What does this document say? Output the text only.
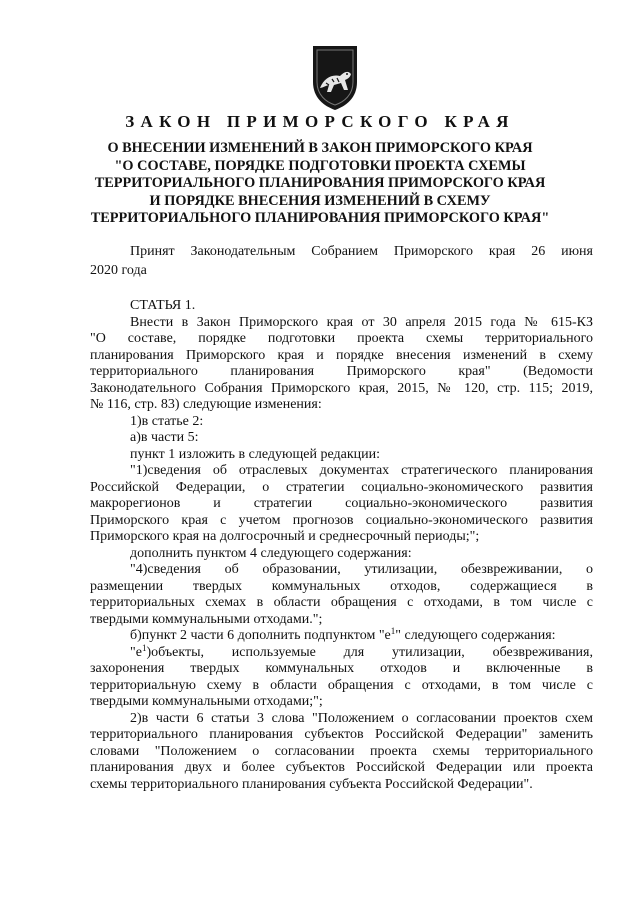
ЗАКОН ПРИМОРСКОГО КРАЯ
О ВНЕСЕНИИ ИЗМЕНЕНИЙ В ЗАКОН ПРИМОРСКОГО КРАЯ
"О СОСТАВЕ, ПОРЯДКЕ ПОДГОТОВКИ ПРОЕКТА СХЕМЫ
ТЕРРИТОРИАЛЬНОГО ПЛАНИРОВАНИЯ ПРИМОРСКОГО КРАЯ
И ПОРЯДКЕ ВНЕСЕНИЯ ИЗМЕНЕНИЙ В СХЕМУ
ТЕРРИТОРИАЛЬНОГО ПЛАНИРОВАНИЯ ПРИМОРСКОГО КРАЯ"
Принят Законодательным Собранием Приморского края 26 июня
2020 года
СТАТЬЯ 1.
Внести в Закон Приморского края от 30 апреля 2015 года № 615-КЗ
"О составе, порядке подготовки проекта схемы территориального
планирования Приморского края и порядке внесения изменений в схему
территориального планирования Приморского края" (Ведомости
Законодательного Собрания Приморского края, 2015, № 120, стр. 115; 2019,
№ 116, стр. 83) следующие изменения:
1)в статье 2:
а)в части 5:
пункт 1 изложить в следующей редакции:
"1)сведения об отраслевых документах стратегического планирования
Российской Федерации, о стратегии социально-экономического развития
макрорегионов и стратегии социально-экономического развития
Приморского края с учетом прогнозов социально-экономического развития
Приморского края на долгосрочный и среднесрочный периоды;";
дополнить пунктом 4 следующего содержания:
"4)сведения об образовании, утилизации, обезвреживании, о
размещении твердых коммунальных отходов, содержащиеся в
территориальных схемах в области обращения с отходами, в том числе с
твердыми коммунальными отходами.";
б)пункт 2 части 6 дополнить подпунктом "$е^1$" следующего содержания:
"$е^1)объекты$, используемые для утилизации, обезвреживания,
захоронения твердых коммунальных отходов и включенные в
территориальную схему в области обращения с отходами, в том числе с
твердыми коммунальными отходами;";
2)в части 6 статьи 3 слова "Положением о согласовании проектов схем
территориального планирования субъектов Российской Федерации" заменить
словами "Положением о согласовании проекта схемы территориального
планирования двух и более субъектов Российской Федерации или проекта
схемы территориального планирования субъекта Российской Федерации".
